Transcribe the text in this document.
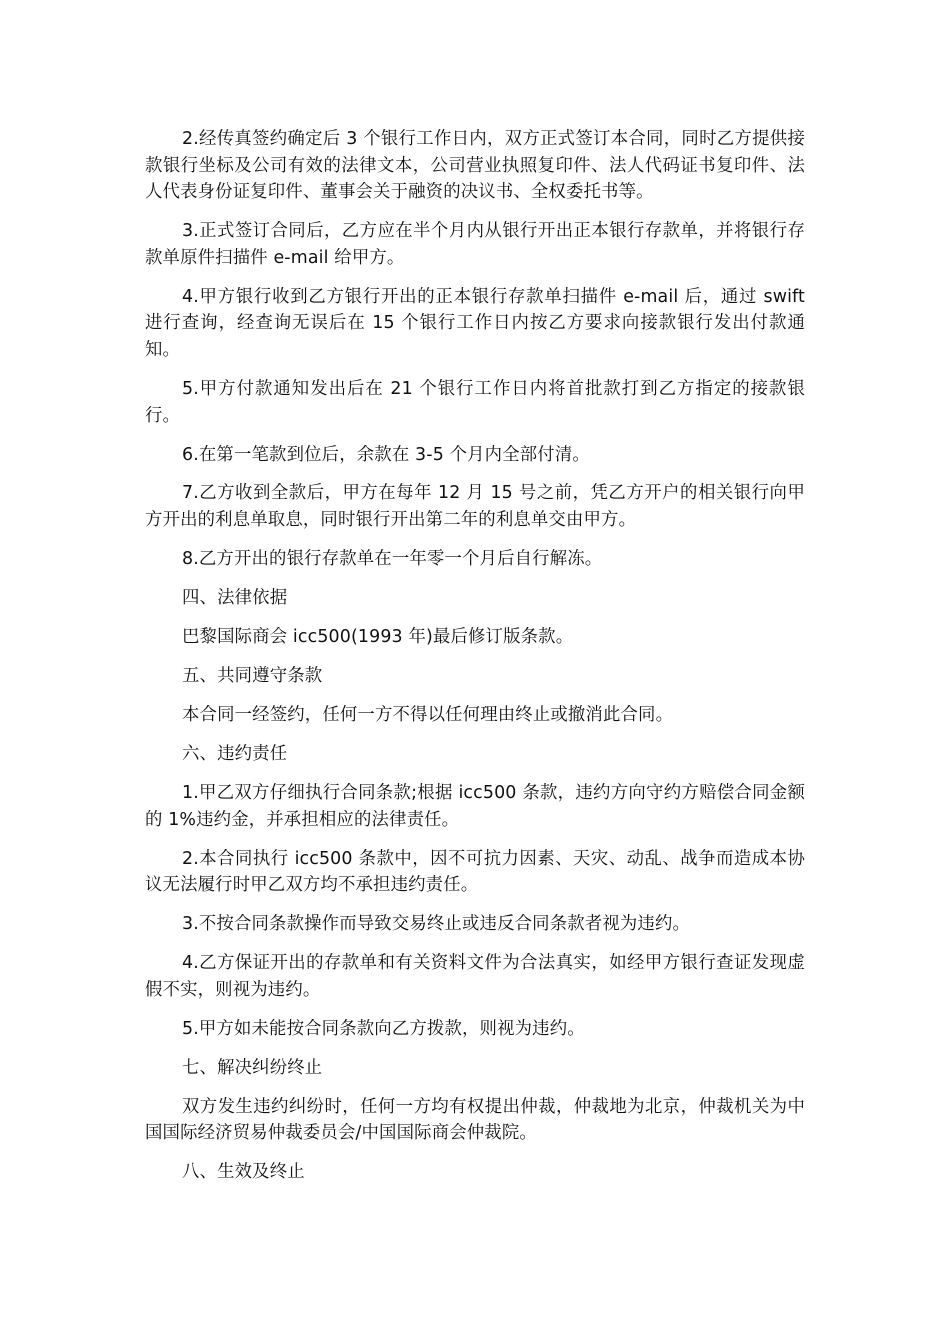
2.经传真签约确定后 3 个银行工作日内，双方正式签订本合同，同时乙方提供接款银行坐标及公司有效的法律文本，公司营业执照复印件、法人代码证书复印件、法人代表身份证复印件、董事会关于融资的决议书、全权委托书等。

3.正式签订合同后，乙方应在半个月内从银行开出正本银行存款单，并将银行存款单原件扫描件 e-mail 给甲方。

4.甲方银行收到乙方银行开出的正本银行存款单扫描件 e-mail 后，通过 swift 进行查询，经查询无误后在 15 个银行工作日内按乙方要求向接款银行发出付款通知。

5.甲方付款通知发出后在 21 个银行工作日内将首批款打到乙方指定的接款银行。

6.在第一笔款到位后，余款在 3-5 个月内全部付清。

7.乙方收到全款后，甲方在每年 12 月 15 号之前，凭乙方开户的相关银行向甲方开出的利息单取息，同时银行开出第二年的利息单交由甲方。

8.乙方开出的银行存款单在一年零一个月后自行解冻。

四、法律依据

巴黎国际商会 icc500(1993 年)最后修订版条款。

五、共同遵守条款

本合同一经签约，任何一方不得以任何理由终止或撤消此合同。

六、违约责任

1.甲乙双方仔细执行合同条款;根据 icc500 条款，违约方向守约方赔偿合同金额的 1%违约金，并承担相应的法律责任。

2.本合同执行 icc500 条款中，因不可抗力因素、天灾、动乱、战争而造成本协议无法履行时甲乙双方均不承担违约责任。

3.不按合同条款操作而导致交易终止或违反合同条款者视为违约。

4.乙方保证开出的存款单和有关资料文件为合法真实，如经甲方银行查证发现虚假不实，则视为违约。

5.甲方如未能按合同条款向乙方拨款，则视为违约。

七、解决纠纷终止

双方发生违约纠纷时，任何一方均有权提出仲裁，仲裁地为北京，仲裁机关为中国国际经济贸易仲裁委员会/中国国际商会仲裁院。

八、生效及终止
